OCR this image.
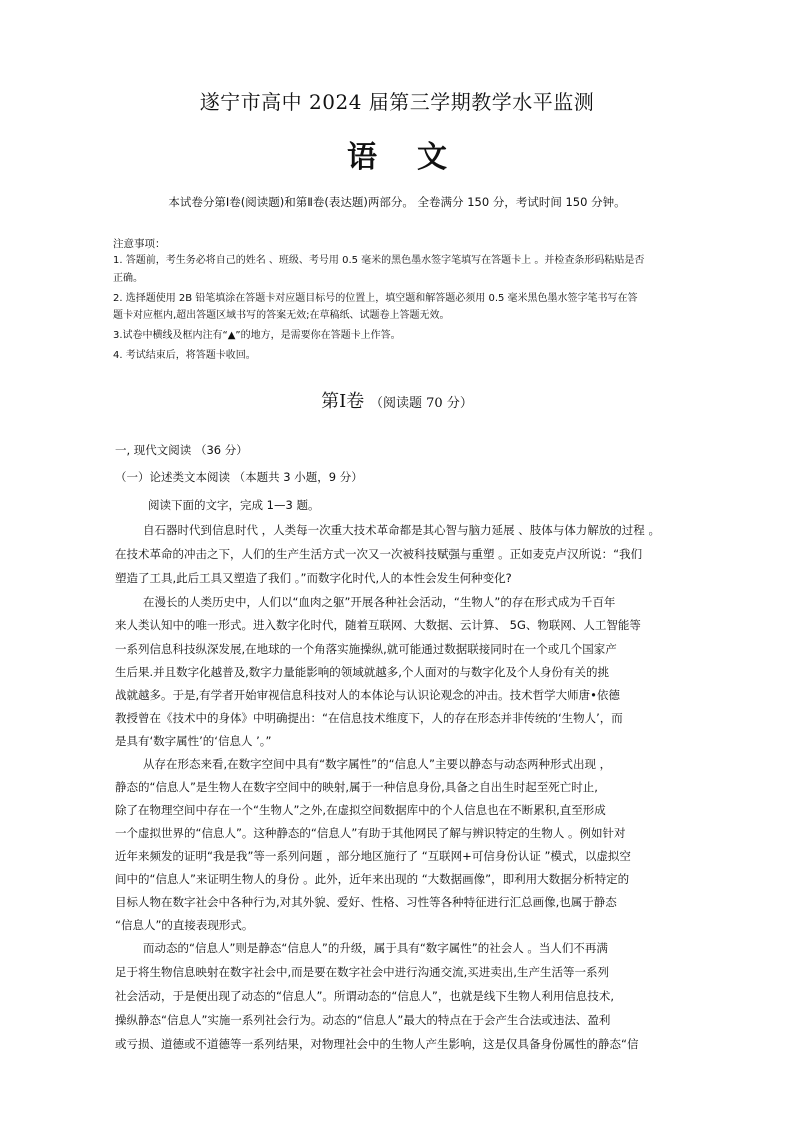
遂宁市高中 2024 届第三学期教学水平监测
语文
本试卷分第Ⅰ卷(阅读题)和第Ⅱ卷(表达题)两部分。 全卷满分 150 分，考试时间 150 分钟。
注意事项：
1. 答题前，考生务必将自己的姓名 、班级、考号用 0.5 毫米的黑色墨水签字笔填写在答题卡上 。并检查条形码粘贴是否
正确。
2. 选择题使用 2B 铅笔填涂在答题卡对应题目标号的位置上，填空题和解答题必须用 0.5 毫米黑色墨水签字笔书写在答
题卡对应框内,超出答题区域书写的答案无效;在草稿纸、试题卷上答题无效。
3.试卷中横线及框内注有“▲”的地方，是需要你在答题卡上作答。
4. 考试结束后，将答题卡收回。
第Ⅰ卷 （阅读题 70 分）
一, 现代文阅读 （36 分）
（一）论述类文本阅读 （本题共 3 小题，9 分）
阅读下面的文字，完成 1—3 题。
自石器时代到信息时代 ，人类每一次重大技术革命都是其心智与脑力延展 、肢体与体力解放的过程 。
在技术革命的冲击之下，人们的生产生活方式一次又一次被科技赋强与重塑 。正如麦克卢汉所说：“我们
塑造了工具,此后工具又塑造了我们 。”而数字化时代,人的本性会发生何种变化?
在漫长的人类历史中，人们以“血肉之躯”开展各种社会活动，“生物人”的存在形式成为千百年
来人类认知中的唯一形式。进入数字化时代，随着互联网、大数据、云计算、 5G、物联网、人工智能等
一系列信息科技纵深发展,在地球的一个角落实施操纵,就可能通过数据联接同时在一个或几个国家产
生后果.并且数字化越普及,数字力量能影响的领域就越多,个人面对的与数字化及个人身份有关的挑
战就越多。于是,有学者开始审视信息科技对人的本体论与认识论观念的冲击。技术哲学大师唐•依德
教授曾在《技术中的身体》中明确提出：“在信息技术维度下，人的存在形态并非传统的‘生物人’，而
是具有‘数字属性’的‘信息人 ’。”
从存在形态来看,在数字空间中具有“数字属性”的“信息人”主要以静态与动态两种形式出现 ，
静态的“信息人”是生物人在数字空间中的映射,属于一种信息身份,具备之自出生时起至死亡时止,
除了在物理空间中存在一个“生物人”之外,在虚拟空间数据库中的个人信息也在不断累积,直至形成
一个虚拟世界的“信息人”。这种静态的“信息人”有助于其他网民了解与辨识特定的生物人 。例如针对
近年来频发的证明“我是我”等一系列问题 ，部分地区施行了 “互联网+可信身份认证 ”模式，以虚拟空
间中的“信息人”来证明生物人的身份 。此外，近年来出现的 “大数据画像”，即利用大数据分析特定的
目标人物在数字社会中各种行为,对其外貌、爱好、性格、习性等各种特征进行汇总画像,也属于静态
“信息人”的直接表现形式。
而动态的“信息人”则是静态“信息人”的升级，属于具有“数字属性”的社会人 。当人们不再满
足于将生物信息映射在数字社会中,而是要在数字社会中进行沟通交流,买进卖出,生产生活等一系列
社会活动，于是便出现了动态的“信息人”。所谓动态的“信息人”，也就是线下生物人利用信息技术,
操纵静态“信息人”实施一系列社会行为。动态的“信息人”最大的特点在于会产生合法或违法、盈利
或亏损、道德或不道德等一系列结果，对物理社会中的生物人产生影响，这是仅具备身份属性的静态“信
